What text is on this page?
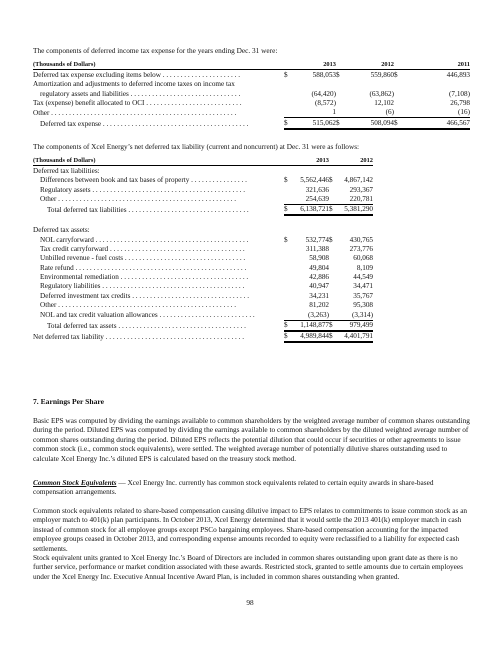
The components of deferred income tax expense for the years ending Dec. 31 were:
(Thousands of Dollars)		2013		2012		2011
Deferred tax expense excluding items below . . . . . . . . . . . . . . . . . . . . . .	$	588,053	$	559,860	$	446,893
Amortization and adjustments to deferred income taxes on income tax						
regulatory assets and liabilities . . . . . . . . . . . . . . . . . . . . . . . . . . . . . . .		(64,420)		(63,862)		(7,108)
Tax (expense) benefit allocated to OCI . . . . . . . . . . . . . . . . . . . . . . . . . . .		(8,572)		12,102		26,798
Other . . . . . . . . . . . . . . . . . . . . . . . . . . . . . . . . . . . . . . . . . . . . . . . . . . . .		1		(6)		(16)
Deferred tax expense . . . . . . . . . . . . . . . . . . . . . . . . . . . . . . . . . . . . . . . . .	$	515,062	$	508,094	$	466,567
The components of Xcel Energy’s net deferred tax liability (current and noncurrent) at Dec. 31 were as follows:
(Thousands of Dollars)		2013		2012
Deferred tax liabilities:				
Differences between book and tax bases of property . . . . . . . . . . . . . . . .	$	5,562,446	$	4,867,142
Regulatory assets . . . . . . . . . . . . . . . . . . . . . . . . . . . . . . . . . . . . . . . . . . .		321,636		293,367
Other . . . . . . . . . . . . . . . . . . . . . . . . . . . . . . . . . . . . . . . . . . . . . . . . . .		254,639		220,781
Total deferred tax liabilities . . . . . . . . . . . . . . . . . . . . . . . . . . . . . . . . . .	$	6,138,721	$	5,381,290

Deferred tax assets:				
NOL carryforward . . . . . . . . . . . . . . . . . . . . . . . . . . . . . . . . . . . . . . . . . . .	$	532,774	$	430,765
Tax credit carryforward . . . . . . . . . . . . . . . . . . . . . . . . . . . . . . . . . . . . . .		311,388		273,776
Unbilled revenue - fuel costs . . . . . . . . . . . . . . . . . . . . . . . . . . . . . . . . . .		58,908		60,068
Rate refund . . . . . . . . . . . . . . . . . . . . . . . . . . . . . . . . . . . . . . . . . . . . . . . .		49,804		8,109
Environmental remediation . . . . . . . . . . . . . . . . . . . . . . . . . . . . . . . . . . . .		42,886		44,549
Regulatory liabilities . . . . . . . . . . . . . . . . . . . . . . . . . . . . . . . . . . . . . . . .		40,947		34,471
Deferred investment tax credits . . . . . . . . . . . . . . . . . . . . . . . . . . . . . . . . .		34,231		35,767
Other . . . . . . . . . . . . . . . . . . . . . . . . . . . . . . . . . . . . . . . . . . . . . . . . . .		81,202		95,308
NOL and tax credit valuation allowances . . . . . . . . . . . . . . . . . . . . . . . . . . .		(3,263)		(3,314)
Total deferred tax assets . . . . . . . . . . . . . . . . . . . . . . . . . . . . . . . . . . . .	$	1,148,877	$	979,499
Net deferred tax liability . . . . . . . . . . . . . . . . . . . . . . . . . . . . . . . . . . . . . . .	$	4,989,844	$	4,401,791
7. Earnings Per Share
Basic EPS was computed by dividing the earnings available to common shareholders by the weighted average number of common shares outstanding during the period. Diluted EPS was computed by dividing the earnings available to common shareholders by the diluted weighted average number of common shares outstanding during the period. Diluted EPS reflects the potential dilution that could occur if securities or other agreements to issue common stock (i.e., common stock equivalents), were settled. The weighted average number of potentially dilutive shares outstanding used to calculate Xcel Energy Inc.’s diluted EPS is calculated based on the treasury stock method.
Common Stock Equivalents — Xcel Energy Inc. currently has common stock equivalents related to certain equity awards in share-based compensation arrangements.
Common stock equivalents related to share-based compensation causing dilutive impact to EPS relates to commitments to issue common stock as an employer match to 401(k) plan participants. In October 2013, Xcel Energy determined that it would settle the 2013 401(k) employer match in cash instead of common stock for all employee groups except PSCo bargaining employees. Share-based compensation accounting for the impacted employee groups ceased in October 2013, and corresponding expense amounts recorded to equity were reclassified to a liability for expected cash settlements.
Stock equivalent units granted to Xcel Energy Inc.’s Board of Directors are included in common shares outstanding upon grant date as there is no further service, performance or market condition associated with these awards. Restricted stock, granted to settle amounts due to certain employees under the Xcel Energy Inc. Executive Annual Incentive Award Plan, is included in common shares outstanding when granted.
98
